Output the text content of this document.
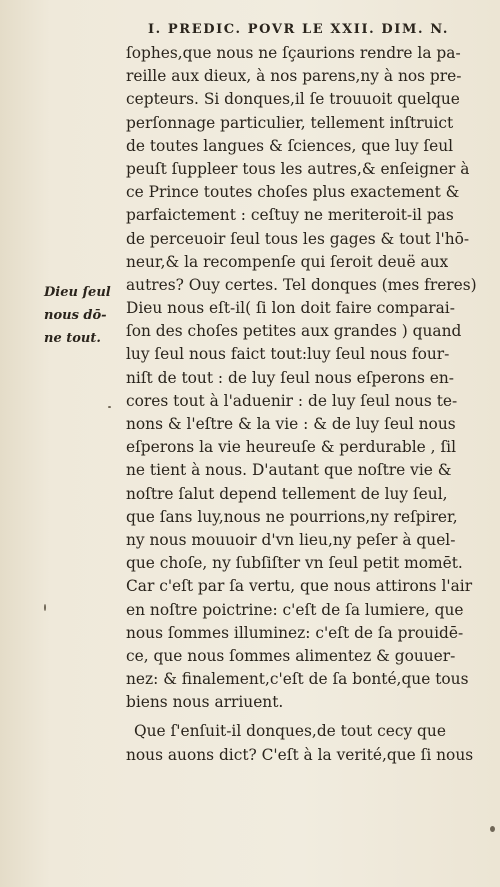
I. PREDIC. POVR LE XXII. DIM. N.
Dieu ſeul
nous dō-
ne tout.
ſophes,que nous ne ſçaurions rendre la pa-
reille aux dieux, à nos parens,ny à nos pre-
cepteurs. Si donques,il ſe trouuoit quelque
perſonnage particulier, tellement inſtruict
de toutes langues & ſciences, que luy ſeul
peuſt ſuppleer tous les autres,& enſeigner à
ce Prince toutes choſes plus exactement &
parfaictement : ceſtuy ne meriteroit-il pas
de perceuoir ſeul tous les gages & tout l'hō-
neur,& la recompenſe qui ſeroit deuë aux
autres? Ouy certes. Tel donques (mes freres)
Dieu nous eſt-il( ſi lon doit faire comparai-
ſon des choſes petites aux grandes ) quand
luy ſeul nous faict tout:luy ſeul nous four-
niſt de tout : de luy ſeul nous eſperons en-
cores tout à l'aduenir : de luy ſeul nous te-
nons & l'eſtre & la vie : & de luy ſeul nous
eſperons la vie heureuſe & perdurable , ſil
ne tient à nous. D'autant que noſtre vie &
noſtre ſalut depend tellement de luy ſeul,
que ſans luy,nous ne pourrions,ny reſpirer,
ny nous mouuoir d'vn lieu,ny peſer à quel-
que choſe, ny ſubſiſter vn ſeul petit momēt.
Car c'eſt par ſa vertu, que nous attirons l'air
en noſtre poictrine: c'eſt de ſa lumiere, que
nous ſommes illuminez: c'eſt de ſa prouidē-
ce, que nous ſommes alimentez & gouuer-
nez: & finalement,c'eſt de ſa bonté,que tous
biens nous arriuent.
Que ſ'enſuit-il donques,de tout cecy que
nous auons dict? C'eſt à la verité,que ſi nous
